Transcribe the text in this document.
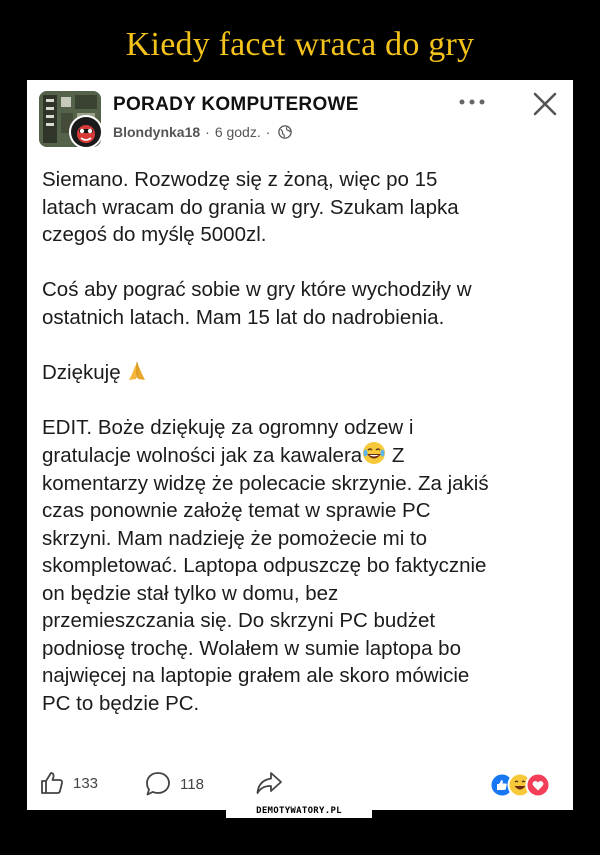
Kiedy facet wraca do gry
PORADY KOMPUTEROWE
Blondynka18 · 6 godz. ·
Siemano. Rozwodzę się z żoną, więc po 15
latach wracam do grania w gry. Szukam lapka
czegoś do myślę 5000zl.
Coś aby pograć sobie w gry które wychodziły w
ostatnich latach. Mam 15 lat do nadrobienia.
Dziękuję
EDIT. Boże dziękuję za ogromny odzew i
gratulacje wolności jak za kawalera Z
komentarzy widzę że polecacie skrzynie. Za jakiś
czas ponownie założę temat w sprawie PC
skrzyni. Mam nadzieję że pomożecie mi to
skompletować. Laptopa odpuszczę bo faktycznie
on będzie stał tylko w domu, bez
przemieszczania się. Do skrzyni PC budżet
podniosę trochę. Wolałem w sumie laptopa bo
najwięcej na laptopie grałem ale skoro mówicie
PC to będzie PC.
133	118
DEMOTYWATORY.PL
